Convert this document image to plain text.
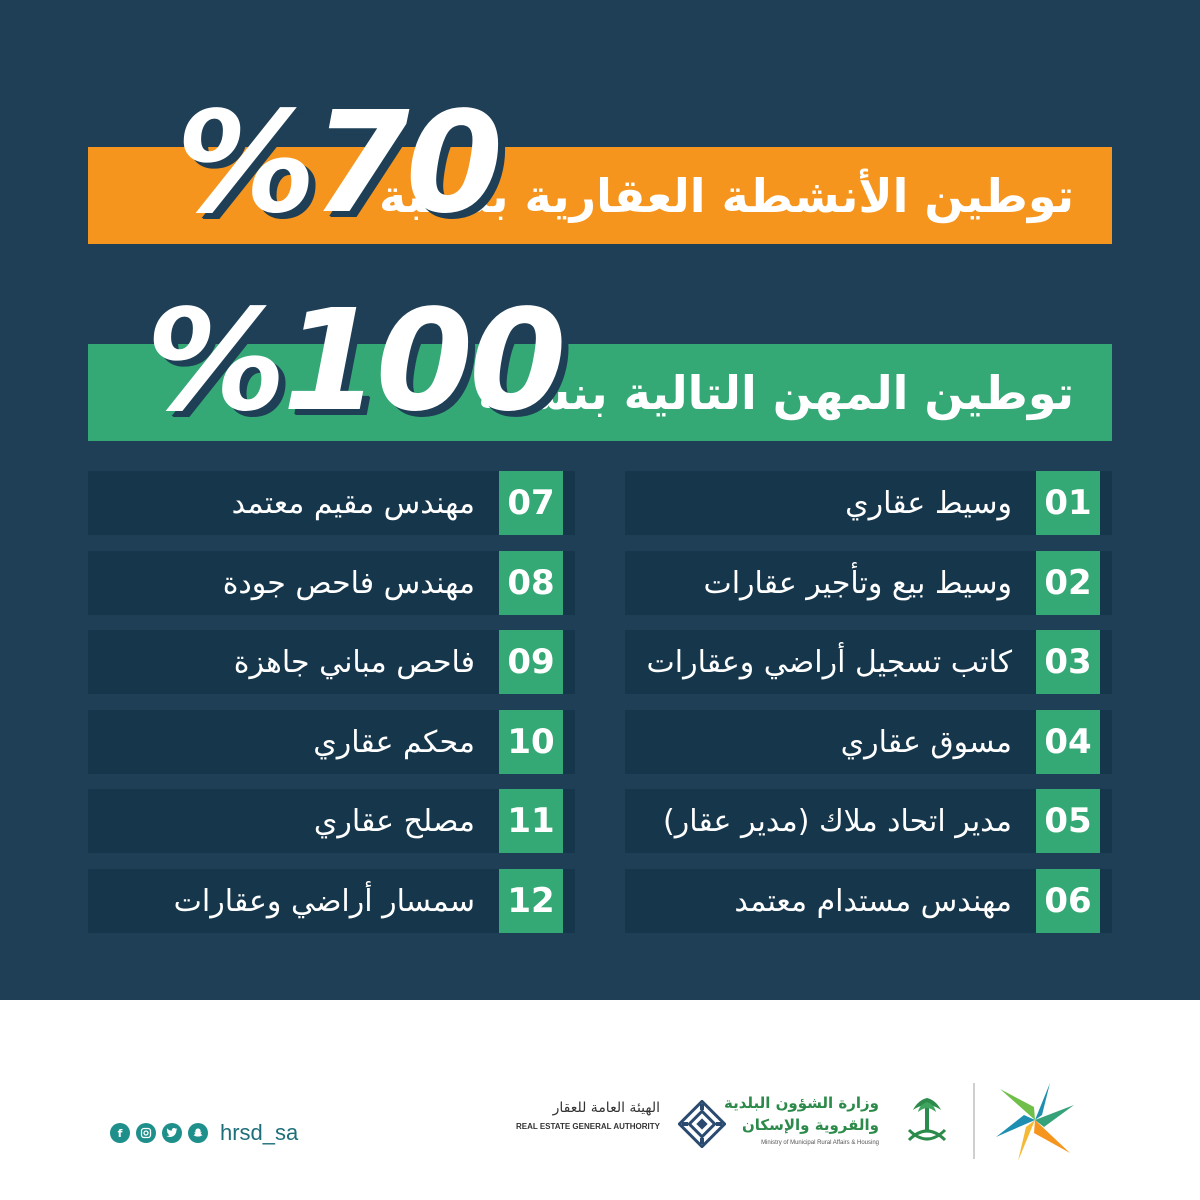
توطين الأنشطة العقارية بنسبة
%70
توطين المهن التالية بنسبة
%100
وسيط عقاري 01
وسيط بيع وتأجير عقارات 02
كاتب تسجيل أراضي وعقارات 03
مسوق عقاري 04
مدير اتحاد ملاك (مدير عقار) 05
مهندس مستدام معتمد 06
مهندس مقيم معتمد 07
مهندس فاحص جودة 08
فاحص مباني جاهزة 09
محكم عقاري 10
مصلح عقاري 11
سمسار أراضي وعقارات 12
f	hrsd_sa
الهيئة العامة للعقار
REAL ESTATE GENERAL AUTHORITY
وزارة الشؤون البلدية
والقروية والإسكان
Ministry of Municipal Rural Affairs & Housing
